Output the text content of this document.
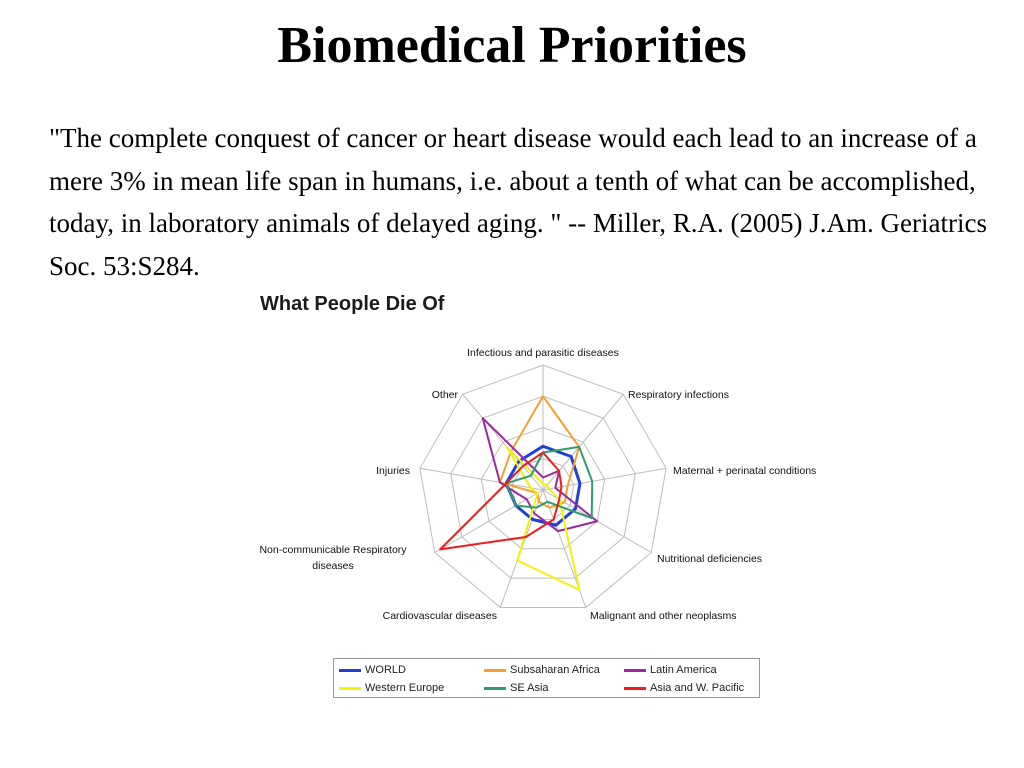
Biomedical Priorities
"The complete conquest of cancer or heart disease would each lead to an increase of a mere 3% in mean life span in humans, i.e. about a tenth of what can be accomplished, today, in laboratory animals of delayed aging. " -- Miller, R.A. (2005) J.Am. Geriatrics Soc. 53:S284.
What People Die Of
Infectious and parasitic diseases
Respiratory infections
Maternal + perinatal conditions
Nutritional deficiencies
Malignant and other neoplasms
Cardiovascular diseases
Non-communicable Respiratory diseases
Injuries
Other
WORLD	Subsaharan Africa	Latin America
Western Europe	SE Asia	Asia and W. Pacific
